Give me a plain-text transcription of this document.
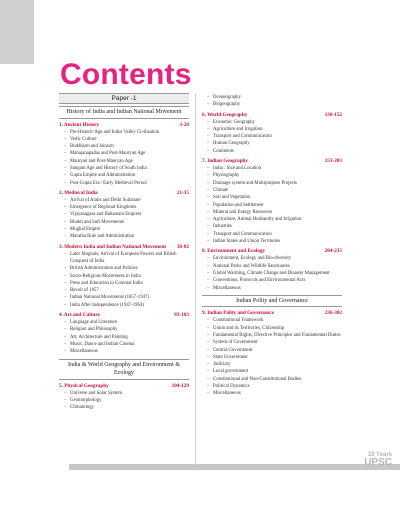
Contents
Paper -1
History of India and Indian National Movement
1. Ancient History	3-20
– Pre-Historic Age and Indus Valley Civilisation
– Vedic Culture
– Buddhism and Jainism
– Mahajanapadas and Post-Mauryan Age
– Mauryan and Post-Mauryan Age
– Sangam Age and History of South India
– Gupta Empire and Administration
– Post-Gupta Era / Early Medieval Period
2. Medieval India	21-35
– Arrival of Arabs and Delhi Sultanate
– Emergence of Regional Kingdoms
– Vijayanagara and Bahamani Empires
– Bhakti and Sufi Movements
– Mughal Empire
– Maratha Rule and Administration
3. Modern India and Indian National Movement	36-82
– Later Mughals, Arrival of European Powers and British Conquest of India
– British Administration and Policies
– Socio-Religious Movements in India
– Press and Education in Colonial India
– Revolt of 1857
– Indian National Movements (1857-1947)
– India After Independence (1947-1964)
4. Art and Culture	83-103
– Language and Literature
– Religion and Philosophy
– Art, Architecture and Painting
– Music, Dance and Indian Cinema
– Miscellaneous
India & World Geography and Environment & Ecology
5. Physical Geography	104-129
– Universe and Solar System
– Geomorphology
– Climatology
– Oceanography
– Biogeography
6. World Geography	130-152
– Economic Geography
– Agriculture and Irrigation
– Transport and Communication
– Human Geography
– Continents
7. Indian Geography	153-203
– India : Size and Location
– Physiography
– Drainage system and Multipurpose Projects
– Climate
– Soil and Vegetation
– Population and Settlement
– Mineral and Energy Resources
– Agriculture, Animal Husbandry and Irrigation
– Industries
– Transport and Communication
– Indian States and Union Territories
8. Environment and Ecology	204-235
– Environment, Ecology and Bio-diversity
– National Parks and Wildlife Sanctuaries
– Global Warming, Climate Change and Disaster Management
– Conventions, Protocols and Environmental Acts
– Miscellaneous
Indian Polity and Governance
9. Indian Polity and Governance	236-302
– Constitutional Framework
– Union and its Territories, Citizenship
– Fundamental Rights, Directive Principles and Fundamental Duties
– System of Government
– Central Government
– State Government
– Judiciary
– Local government
– Constitutional and Non-Constitutional Bodies
– Political Dynamics
– Miscellaneous
32 Years
UPSC
